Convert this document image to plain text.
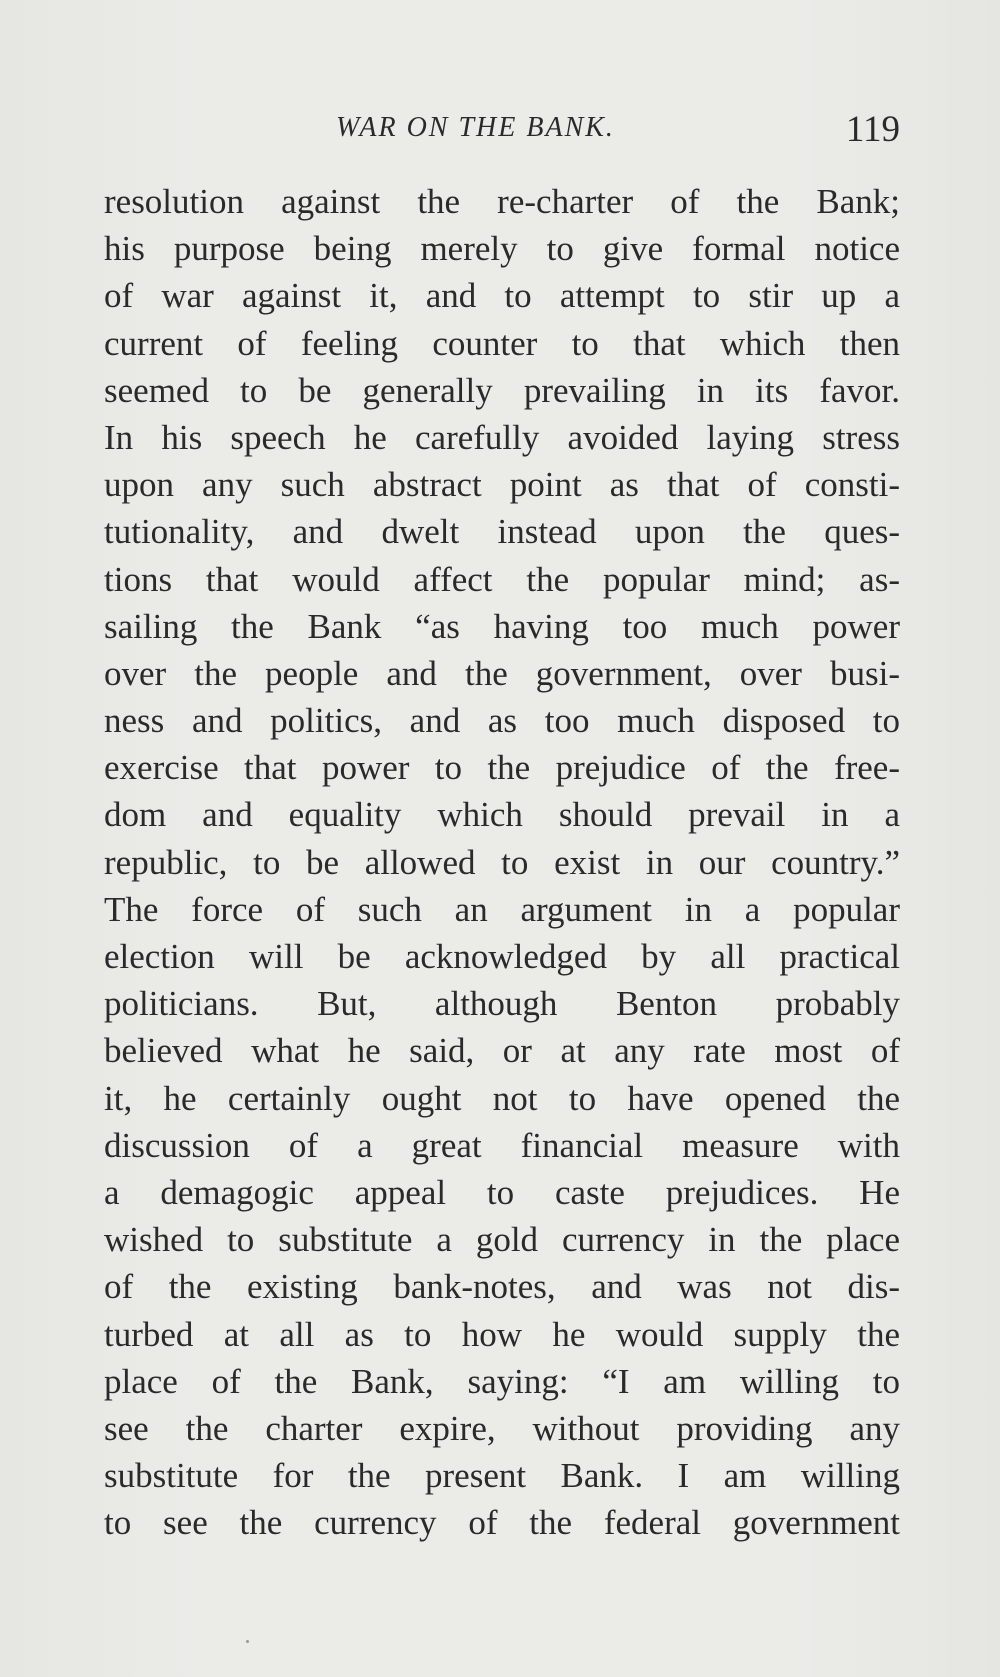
WAR ON THE BANK.	119
resolution against the re-charter of the Bank;
his purpose being merely to give formal notice
of war against it, and to attempt to stir up a
current of feeling counter to that which then
seemed to be generally prevailing in its favor.
In his speech he carefully avoided laying stress
upon any such abstract point as that of consti-
tutionality, and dwelt instead upon the ques-
tions that would affect the popular mind; as-
sailing the Bank “as having too much power
over the people and the government, over busi-
ness and politics, and as too much disposed to
exercise that power to the prejudice of the free-
dom and equality which should prevail in a
republic, to be allowed to exist in our country.”
The force of such an argument in a popular
election will be acknowledged by all practical
politicians. But, although Benton probably
believed what he said, or at any rate most of
it, he certainly ought not to have opened the
discussion of a great financial measure with
a demagogic appeal to caste prejudices. He
wished to substitute a gold currency in the place
of the existing bank-notes, and was not dis-
turbed at all as to how he would supply the
place of the Bank, saying: “I am willing to
see the charter expire, without providing any
substitute for the present Bank. I am willing
to see the currency of the federal government
